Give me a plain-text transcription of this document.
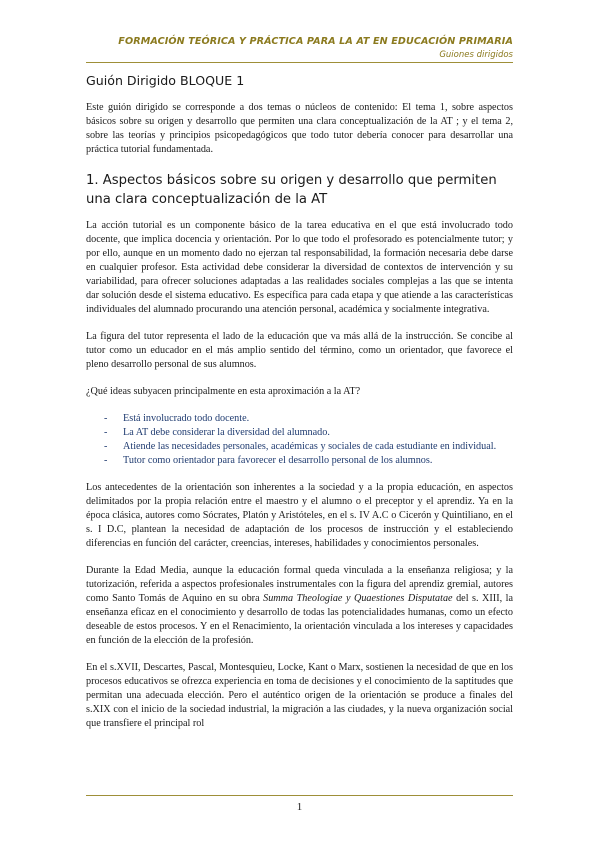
FORMACIÓN TEÓRICA Y PRÁCTICA PARA LA AT EN EDUCACIÓN PRIMARIA
Guiones dirigidos
Guión Dirigido BLOQUE 1

Este guión dirigido se corresponde a dos temas o núcleos de contenido: El tema 1, sobre aspectos básicos sobre su origen y desarrollo que permiten una clara conceptualización de la AT ; y el tema 2, sobre las teorías y principios psicopedagógicos que todo tutor debería conocer para desarrollar una práctica tutorial fundamentada.

1. Aspectos básicos sobre su origen y desarrollo que permiten una clara conceptualización de la AT

La acción tutorial es un componente básico de la tarea educativa en el que está involucrado todo docente, que implica docencia y orientación. Por lo que todo el profesorado es potencialmente tutor; y por ello, aunque en un momento dado no ejerzan tal responsabilidad, la formación necesaria debe darse en cualquier profesor. Esta actividad debe considerar la diversidad de contextos de intervención y su variabilidad, para ofrecer soluciones adaptadas a las realidades sociales complejas a las que se intenta dar solución desde el sistema educativo. Es específica para cada etapa y que atiende a las características individuales del alumnado procurando una atención personal, académica y socialmente integrativa.

La figura del tutor representa el lado de la educación que va más allá de la instrucción. Se concibe al tutor como un educador en el más amplio sentido del término, como un orientador, que favorece el pleno desarrollo personal de sus alumnos.

¿Qué ideas subyacen principalmente en esta aproximación a la AT?

- Está involucrado todo docente.
- La AT debe considerar la diversidad del alumnado.
- Atiende las necesidades personales, académicas y sociales de cada estudiante en individual.
- Tutor como orientador para favorecer el desarrollo personal de los alumnos.

Los antecedentes de la orientación son inherentes a la sociedad y a la propia educación, en aspectos delimitados por la propia relación entre el maestro y el alumno o el preceptor y el aprendiz. Ya en la época clásica, autores como Sócrates, Platón y Aristóteles, en el s. IV A.C o Cicerón y Quintiliano, en el s. I D.C, plantean la necesidad de adaptación de los procesos de instrucción y el estableciendo diferencias en función del carácter, creencias, intereses, habilidades y conocimientos personales.

Durante la Edad Media, aunque la educación formal queda vinculada a la enseñanza religiosa; y la tutorización, referida a aspectos profesionales instrumentales con la figura del aprendiz gremial, autores como Santo Tomás de Aquino en su obra Summa Theologiae y Quaestiones Disputatae del s. XIII, la enseñanza eficaz en el conocimiento y desarrollo de todas las potencialidades humanas, como un efecto deseable de estos procesos. Y en el Renacimiento, la orientación vinculada a los intereses y capacidades en función de la elección de la profesión.

En el s.XVII, Descartes, Pascal, Montesquieu, Locke, Kant o Marx, sostienen la necesidad de que en los procesos educativos se ofrezca experiencia en toma de decisiones y el conocimiento de la saptitudes que permitan una adecuada elección. Pero el auténtico origen de la orientación se produce a finales del s.XIX con el inicio de la sociedad industrial, la migración a las ciudades, y la nueva organización social que transfiere el principal rol

1
